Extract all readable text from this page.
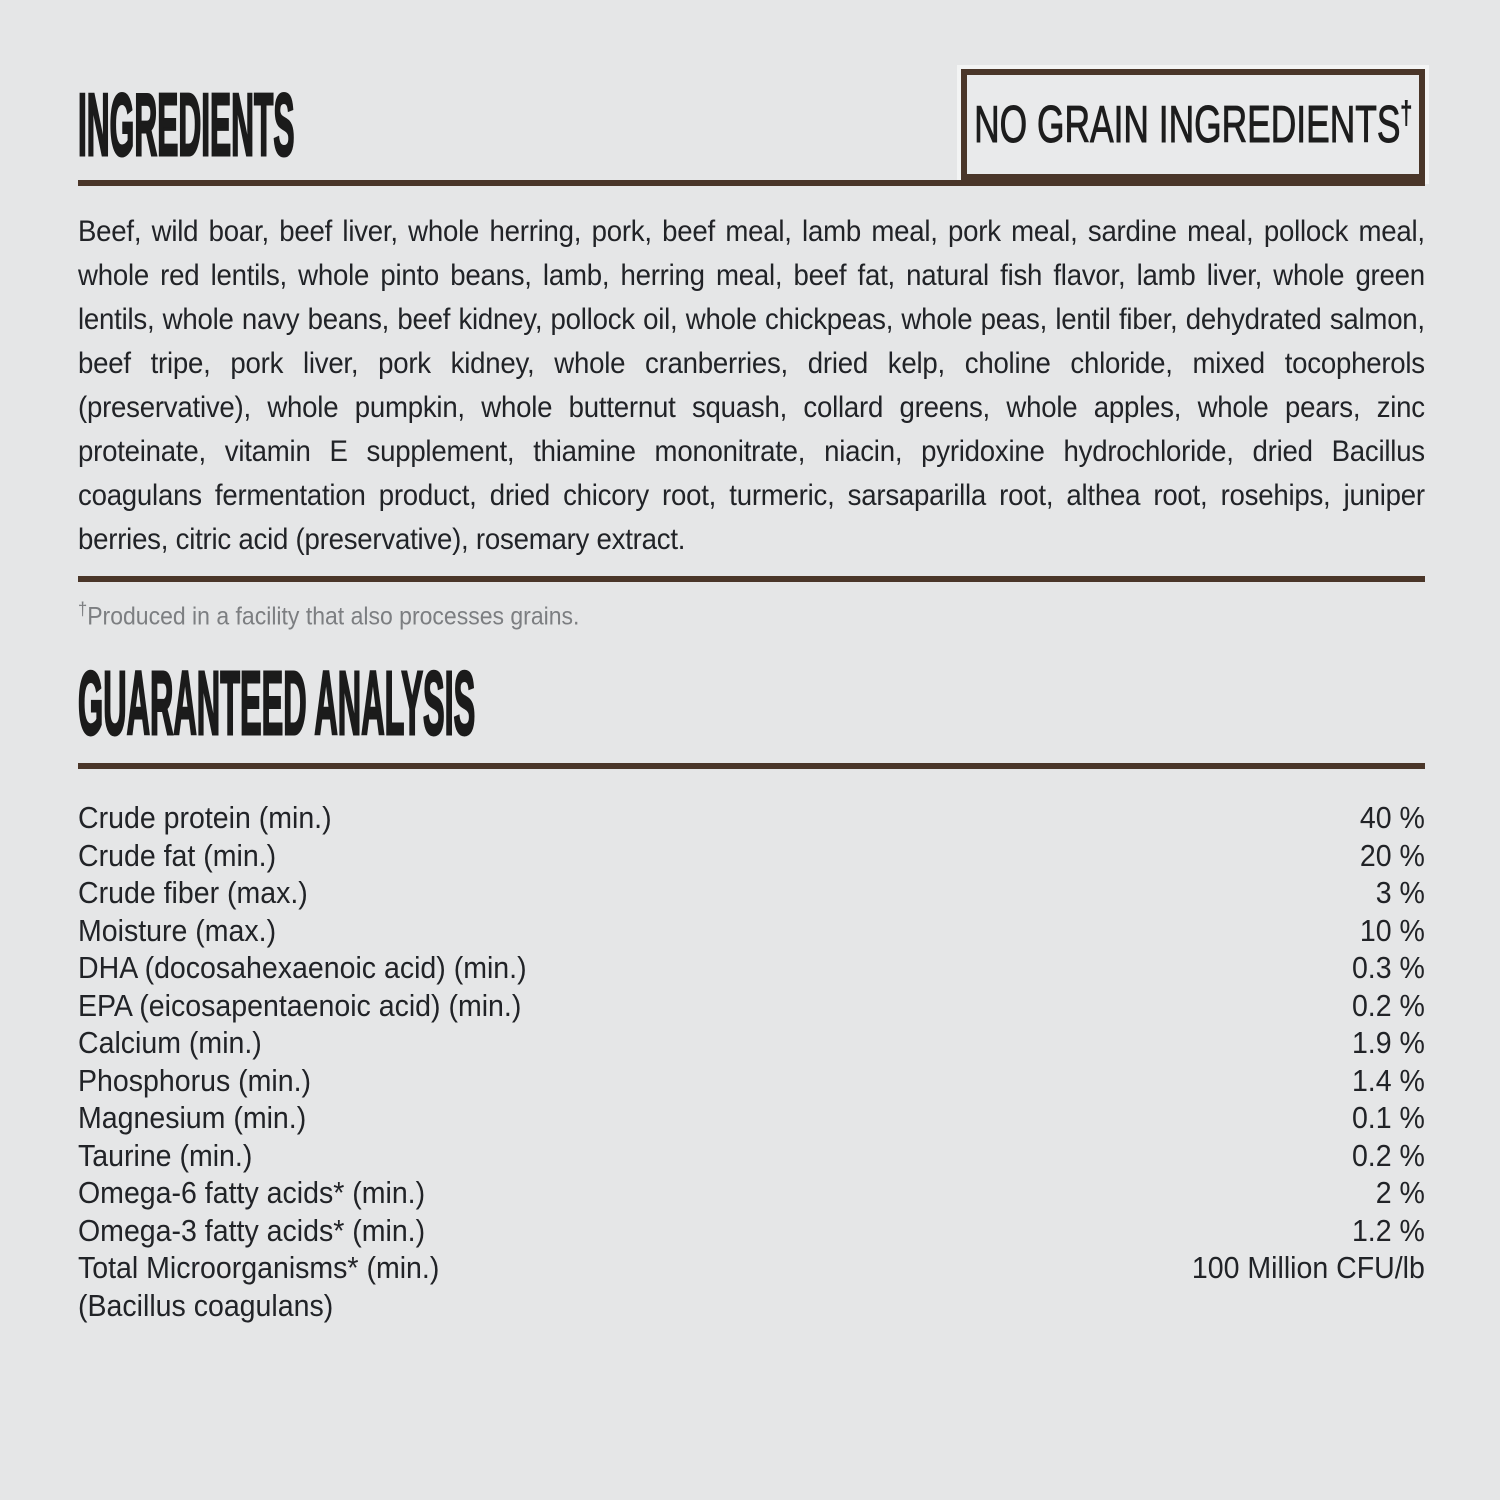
NO GRAIN INGREDIENTS†
INGREDIENTS

Beef, wild boar, beef liver, whole herring, pork, beef meal, lamb meal, pork meal, sardine meal, pollock meal, whole red lentils, whole pinto beans, lamb, herring meal, beef fat, natural fish flavor, lamb liver, whole green lentils, whole navy beans, beef kidney, pollock oil, whole chickpeas, whole peas, lentil fiber, dehydrated salmon, beef tripe, pork liver, pork kidney, whole cranberries, dried kelp, choline chloride, mixed tocopherols (preservative), whole pumpkin, whole butternut squash, collard greens, whole apples, whole pears, zinc proteinate, vitamin E supplement, thiamine mononitrate, niacin, pyridoxine hydrochloride, dried Bacillus coagulans fermentation product, dried chicory root, turmeric, sarsaparilla root, althea root, rosehips, juniper berries, citric acid (preservative), rosemary extract.

†Produced in a facility that also processes grains.

GUARANTEED ANALYSIS
Crude protein (min.)	40 %
Crude fat (min.)	20 %
Crude fiber (max.)	3 %
Moisture (max.)	10 %
DHA (docosahexaenoic acid) (min.)	0.3 %
EPA (eicosapentaenoic acid) (min.)	0.2 %
Calcium (min.)	1.9 %
Phosphorus (min.)	1.4 %
Magnesium (min.)	0.1 %
Taurine (min.)	0.2 %
Omega-6 fatty acids* (min.)	2 %
Omega-3 fatty acids* (min.)	1.2 %
Total Microorganisms* (min.)	100 Million CFU/lb
(Bacillus coagulans)
